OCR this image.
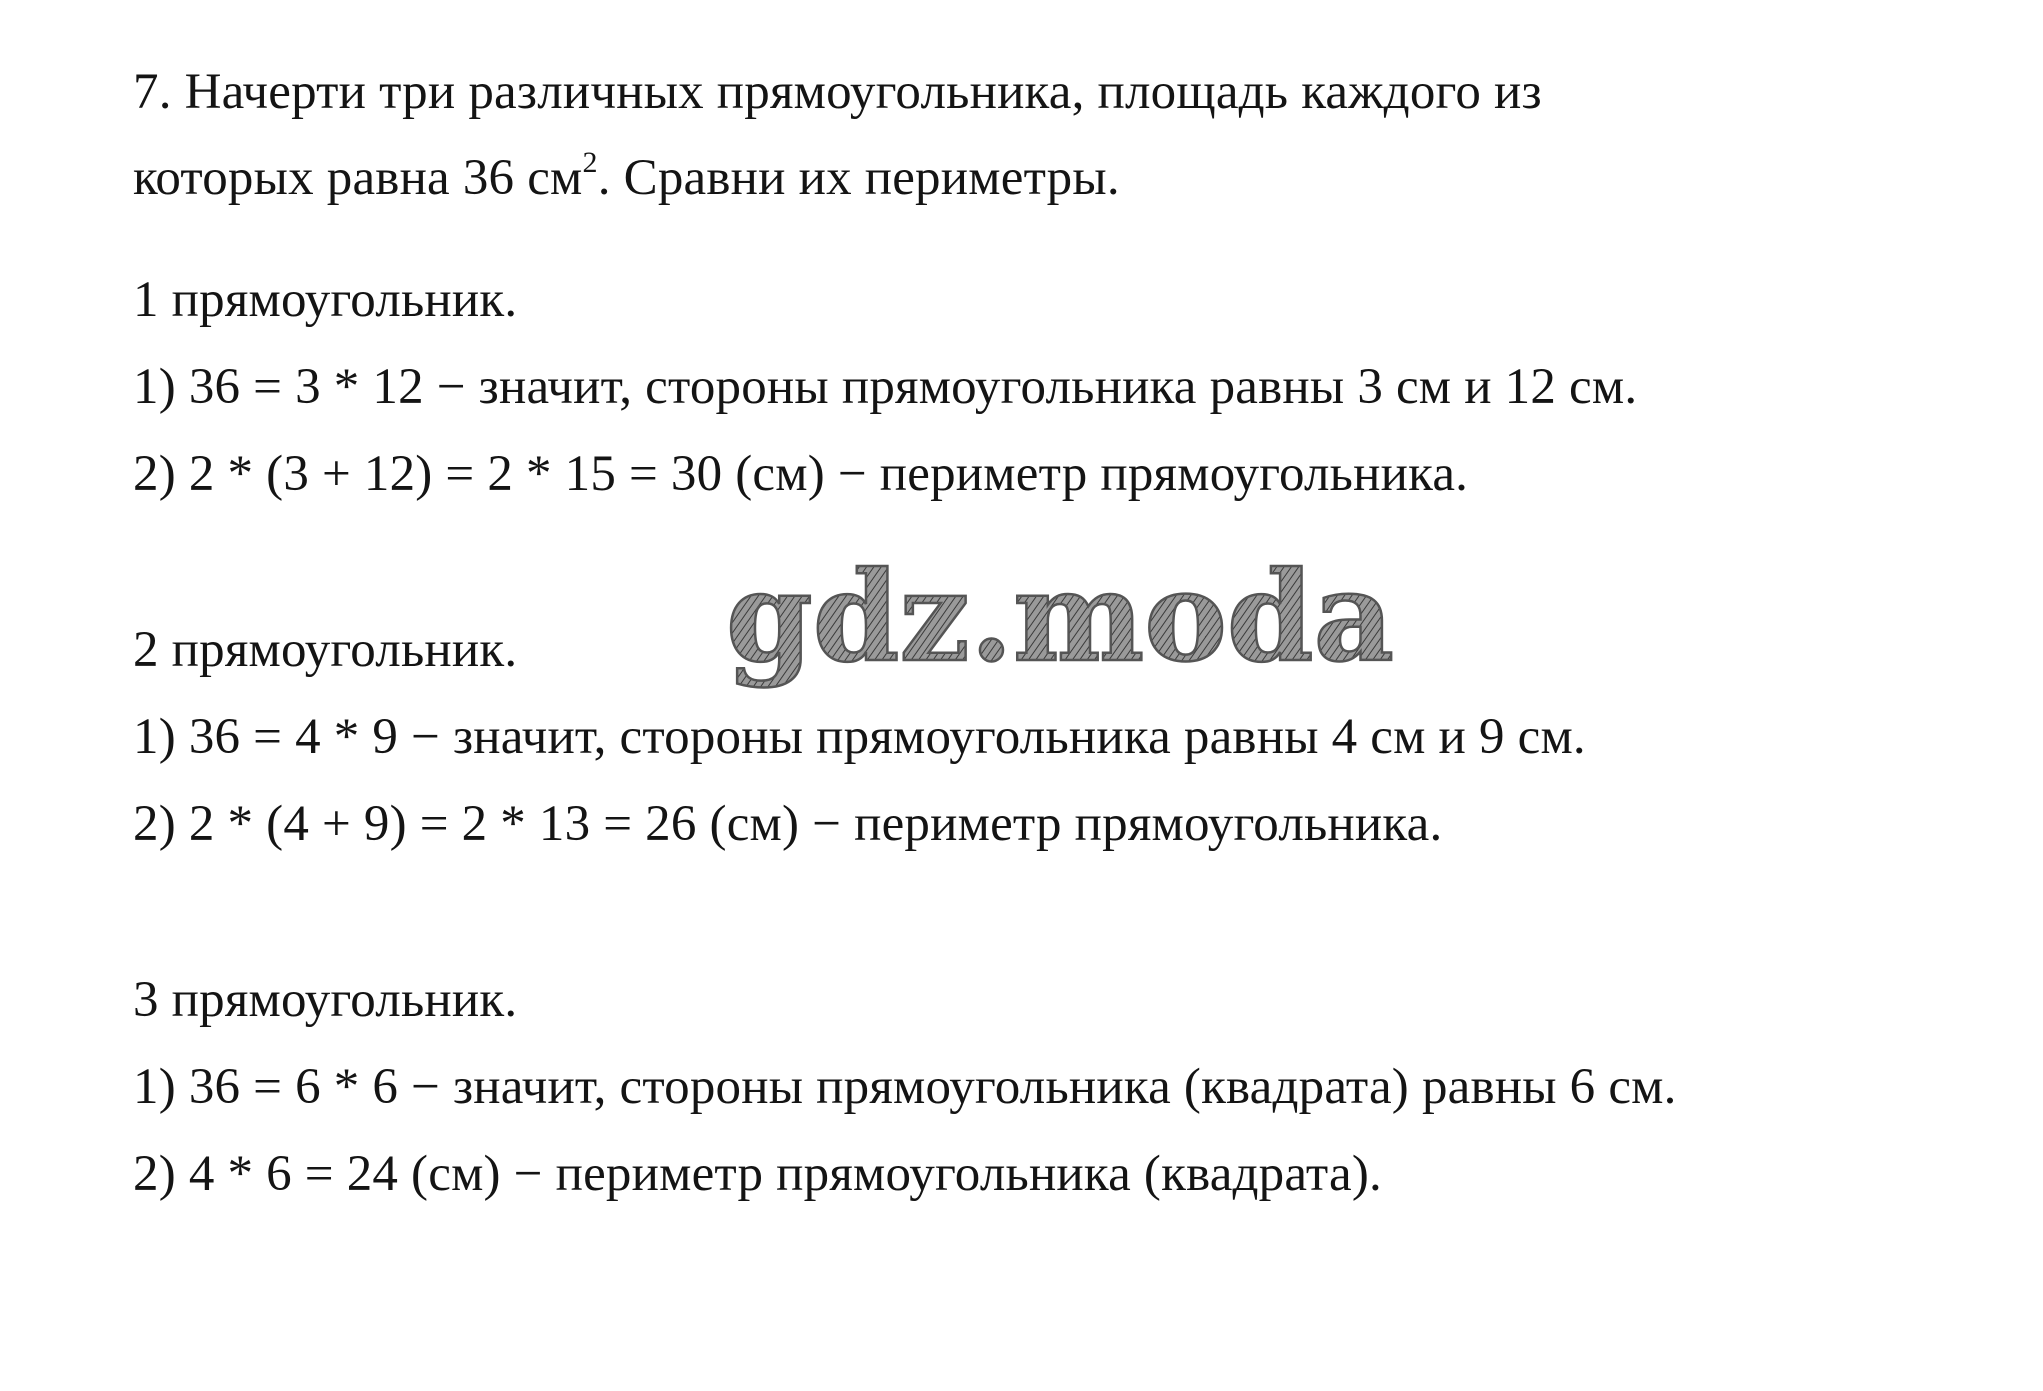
7. Начерти три различных прямоугольника, площадь каждого из
которых равна 36 $см^2$. Сравни их периметры.
1 прямоугольник.
1) 36 = 3 * 12 − значит, стороны прямоугольника равны 3 см и 12 см.
2) 2 * (3 + 12) = 2 * 15 = 30 (см) − периметр прямоугольника.
2 прямоугольник.
1) 36 = 4 * 9 − значит, стороны прямоугольника равны 4 см и 9 см.
2) 2 * (4 + 9) = 2 * 13 = 26 (см) − периметр прямоугольника.
3 прямоугольник.
1) 36 = 6 * 6 − значит, стороны прямоугольника (квадрата) равны 6 см.
2) 4 * 6 = 24 (см) − периметр прямоугольника (квадрата).
gdz.moda
